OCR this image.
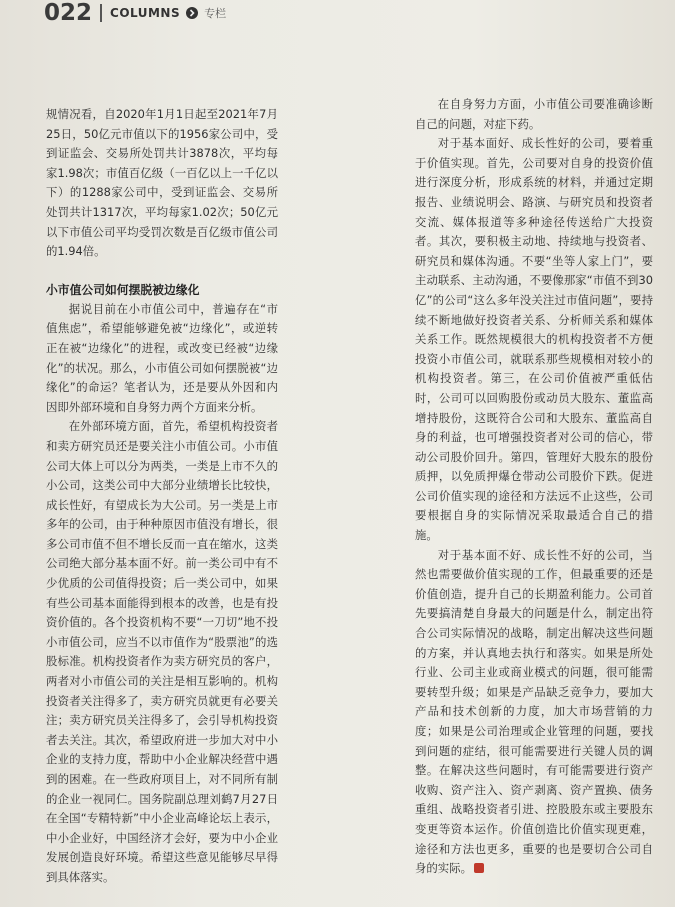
022 COLUMNS 专栏

规情况看，自2020年1月1日起至2021年7月25日，50亿元市值以下的1956家公司中，受到证监会、交易所处罚共计3878次，平均每家1.98次；市值百亿级（一百亿以上一千亿以下）的1288家公司中，受到证监会、交易所处罚共计1317次，平均每家1.02次；50亿元以下市值公司平均受罚次数是百亿级市值公司的1.94倍。

小市值公司如何摆脱被边缘化

据说目前在小市值公司中，普遍存在“市值焦虑”，希望能够避免被“边缘化”，或逆转正在被“边缘化”的进程，或改变已经被“边缘化”的状况。那么，小市值公司如何摆脱被“边缘化”的命运？笔者认为，还是要从外因和内因即外部环境和自身努力两个方面来分析。

在外部环境方面，首先，希望机构投资者和卖方研究员还是要关注小市值公司。小市值公司大体上可以分为两类，一类是上市不久的小公司，这类公司中大部分业绩增长比较快，成长性好，有望成长为大公司。另一类是上市多年的公司，由于种种原因市值没有增长，很多公司市值不但不增长反而一直在缩水，这类公司绝大部分基本面不好。前一类公司中有不少优质的公司值得投资；后一类公司中，如果有些公司基本面能得到根本的改善，也是有投资价值的。各个投资机构不要“一刀切”地不投小市值公司，应当不以市值作为“股票池”的选股标准。机构投资者作为卖方研究员的客户，两者对小市值公司的关注是相互影响的。机构投资者关注得多了，卖方研究员就更有必要关注；卖方研究员关注得多了，会引导机构投资者去关注。其次，希望政府进一步加大对中小企业的支持力度，帮助中小企业解决经营中遇到的困难。在一些政府项目上，对不同所有制的企业一视同仁。国务院副总理刘鹤7月27日在全国“专精特新”中小企业高峰论坛上表示，中小企业好，中国经济才会好，要为中小企业发展创造良好环境。希望这些意见能够尽早得到具体落实。

在自身努力方面，小市值公司要准确诊断自己的问题，对症下药。

对于基本面好、成长性好的公司，要着重于价值实现。首先，公司要对自身的投资价值进行深度分析，形成系统的材料，并通过定期报告、业绩说明会、路演、与研究员和投资者交流、媒体报道等多种途径传送给广大投资者。其次，要积极主动地、持续地与投资者、研究员和媒体沟通。不要“坐等人家上门”，要主动联系、主动沟通，不要像那家“市值不到30亿”的公司“这么多年没关注过市值问题”，要持续不断地做好投资者关系、分析师关系和媒体关系工作。既然规模很大的机构投资者不方便投资小市值公司，就联系那些规模相对较小的机构投资者。第三，在公司价值被严重低估时，公司可以回购股份或动员大股东、董监高增持股份，这既符合公司和大股东、董监高自身的利益，也可增强投资者对公司的信心，带动公司股价回升。第四，管理好大股东的股份质押，以免质押爆仓带动公司股价下跌。促进公司价值实现的途径和方法远不止这些，公司要根据自身的实际情况采取最适合自己的措施。

对于基本面不好、成长性不好的公司，当然也需要做价值实现的工作，但最重要的还是价值创造，提升自己的长期盈利能力。公司首先要搞清楚自身最大的问题是什么，制定出符合公司实际情况的战略，制定出解决这些问题的方案，并认真地去执行和落实。如果是所处行业、公司主业或商业模式的问题，很可能需要转型升级；如果是产品缺乏竞争力，要加大产品和技术创新的力度，加大市场营销的力度；如果是公司治理或企业管理的问题，要找到问题的症结，很可能需要进行关键人员的调整。在解决这些问题时，有可能需要进行资产收购、资产注入、资产剥离、资产置换、债务重组、战略投资者引进、控股股东或主要股东变更等资本运作。价值创造比价值实现更难，途径和方法也更多，重要的也是要切合公司自身的实际。
